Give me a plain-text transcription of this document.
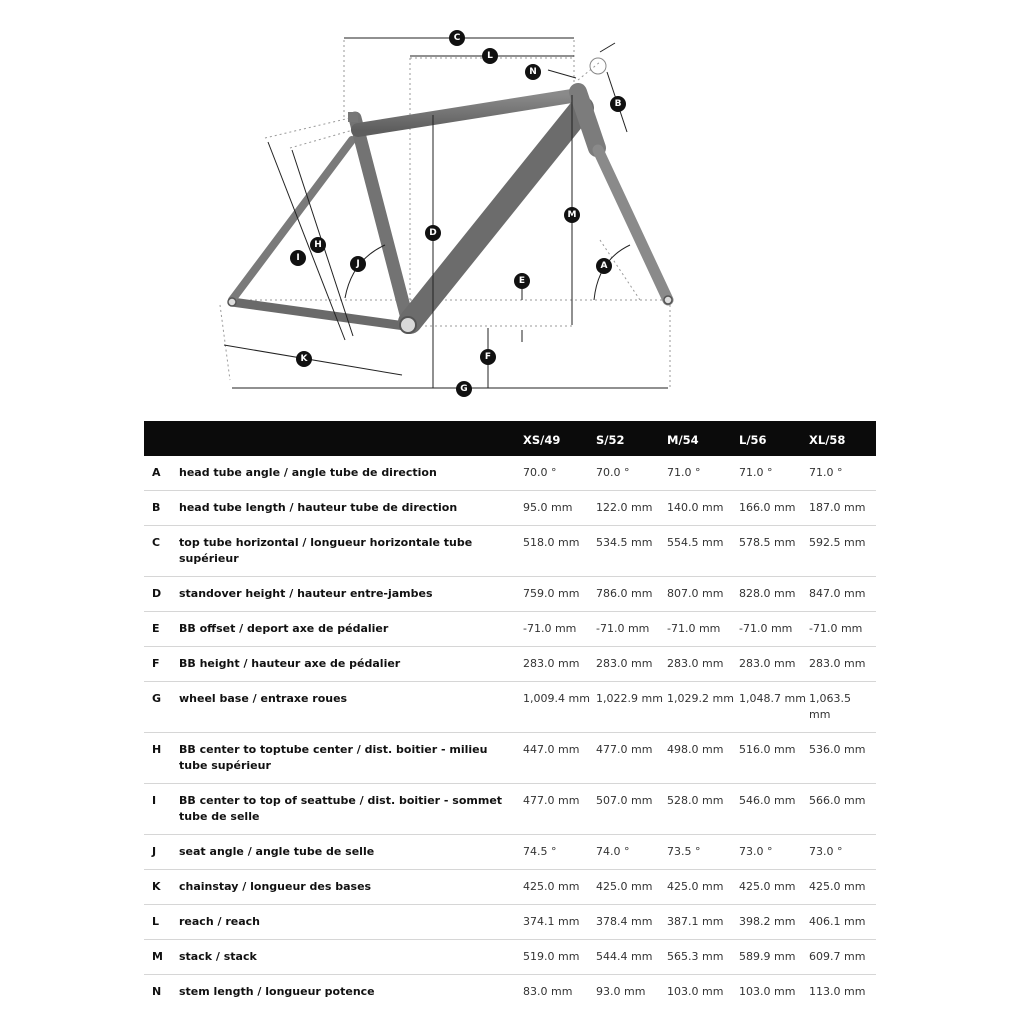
C
L
N
B
D
M
H
I
J	A
E
K	F
G
		XS/49	S/52	M/54	L/56	XL/58
A	head tube angle / angle tube de direction	70.0 °	70.0 °	71.0 °	71.0 °	71.0 °
B	head tube length / hauteur tube de direction	95.0 mm	122.0 mm	140.0 mm	166.0 mm	187.0 mm
C	top tube horizontal / longueur horizontale tube supérieur	518.0 mm	534.5 mm	554.5 mm	578.5 mm	592.5 mm
D	standover height / hauteur entre-jambes	759.0 mm	786.0 mm	807.0 mm	828.0 mm	847.0 mm
E	BB offset / deport axe de pédalier	-71.0 mm	-71.0 mm	-71.0 mm	-71.0 mm	-71.0 mm
F	BB height / hauteur axe de pédalier	283.0 mm	283.0 mm	283.0 mm	283.0 mm	283.0 mm
G	wheel base / entraxe roues	1,009.4 mm	1,022.9 mm	1,029.2 mm	1,048.7 mm	1,063.5 mm
H	BB center to toptube center / dist. boitier - milieu tube supérieur	447.0 mm	477.0 mm	498.0 mm	516.0 mm	536.0 mm
I	BB center to top of seattube / dist. boitier - sommet tube de selle	477.0 mm	507.0 mm	528.0 mm	546.0 mm	566.0 mm
J	seat angle / angle tube de selle	74.5 °	74.0 °	73.5 °	73.0 °	73.0 °
K	chainstay / longueur des bases	425.0 mm	425.0 mm	425.0 mm	425.0 mm	425.0 mm
L	reach / reach	374.1 mm	378.4 mm	387.1 mm	398.2 mm	406.1 mm
M	stack / stack	519.0 mm	544.4 mm	565.3 mm	589.9 mm	609.7 mm
N	stem length / longueur potence	83.0 mm	93.0 mm	103.0 mm	103.0 mm	113.0 mm
